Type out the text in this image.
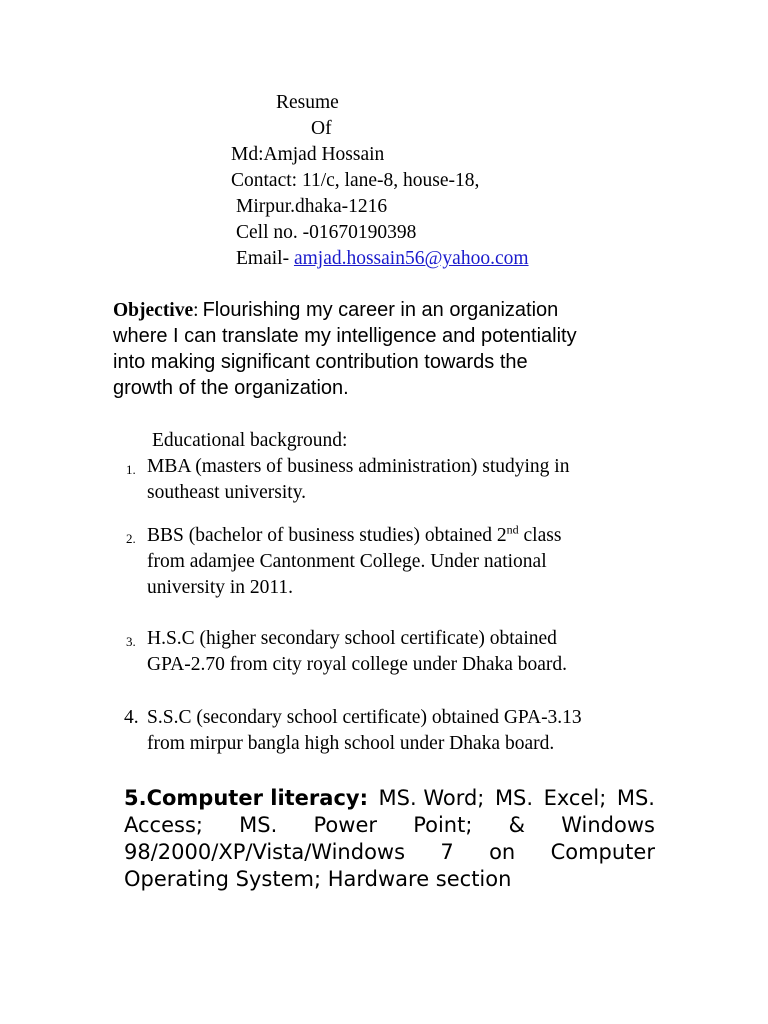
Resume
Of
Md:Amjad Hossain
Contact: 11/c, lane-8, house-18,
Mirpur.dhaka-1216
Cell no. -01670190398
Email- amjad.hossain56@yahoo.com
Objective: Flourishing my career in an organization
where I can translate my intelligence and potentiality
into making significant contribution towards the
growth of the organization.
Educational background:
1. MBA (masters of business administration) studying in
southeast university.
2. BBS (bachelor of business studies) obtained 2nd class
from adamjee Cantonment College. Under national
university in 2011.
3. H.S.C (higher secondary school certificate) obtained
GPA-2.70 from city royal college under Dhaka board.
4. S.S.C (secondary school certificate) obtained GPA-3.13
from mirpur bangla high school under Dhaka board.
5.Computer literacy: MS. Word; MS. Excel; MS.
Access; MS. Power Point; & Windows
98/2000/XP/Vista/Windows 7 on Computer
Operating System; Hardware section
